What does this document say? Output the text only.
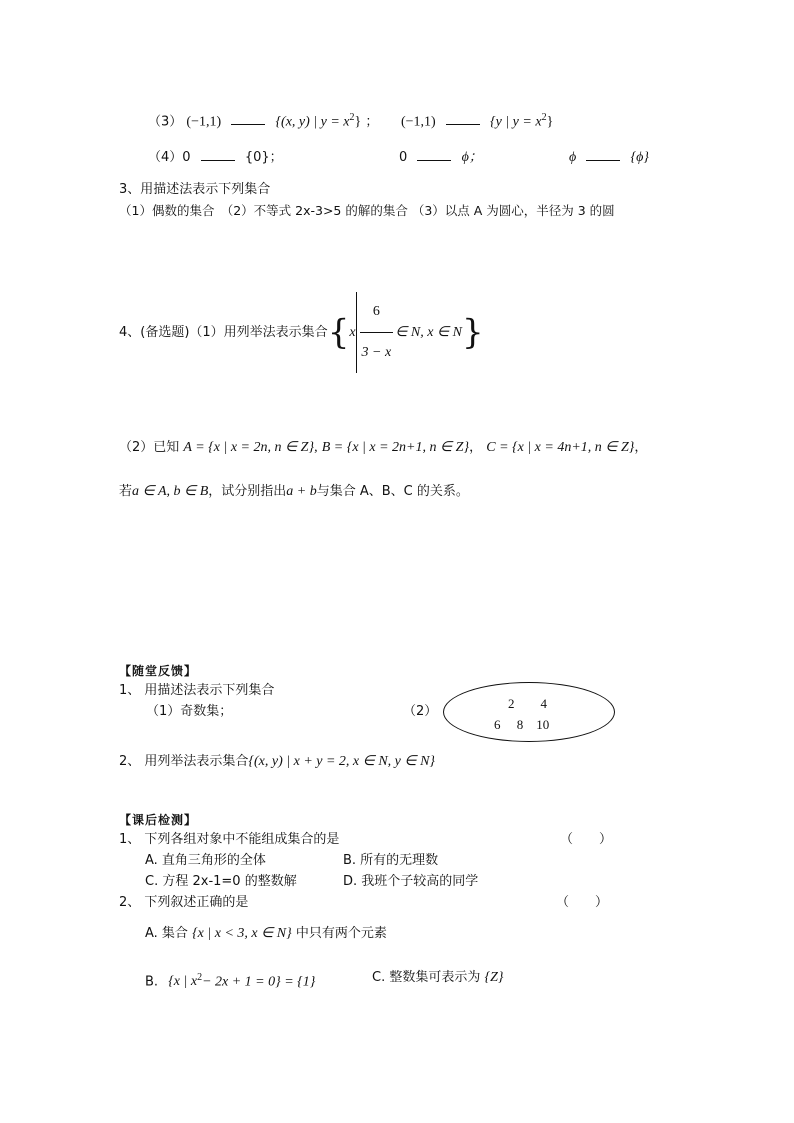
（3） (−1,1)	{(x, y) | $y = x^2$} ； (−1,1)	{y | $y = x^2$}
（4）0	{0}；	0	ϕ；	ϕ	{ϕ}
3、用描述法表示下列集合
（1）偶数的集合　（2）不等式 2x-3>5 的解的集合 （3）以点 A 为圆心，半径为 3 的圆
4、(备选题)（1）用列举法表示集合{$x \frac{6}{3 - x}$ ∈ N, x ∈ N}
（2）已知 A = {x | x = 2n, n ∈ Z}, B = {x | x = 2n+1, n ∈ Z}， C = {x | x = 4n+1, n ∈ Z}，
若a ∈ A, b ∈ B，试分别指出a + b与集合 A、B、C 的关系。
【随堂反馈】
1、 用描述法表示下列集合
（1）奇数集；	（2）
2　　4
6　 8　10
2、 用列举法表示集合{(x, y) | x + y = 2, x ∈ N, y ∈ N}
【课后检测】
1、 下列各组对象中不能组成集合的是	（　　）
A. 直角三角形的全体	B. 所有的无理数
C. 方程 2x-1=0 的整数解	D. 我班个子较高的同学
2、 下列叙述正确的是	（　　）
A. 集合 {x | x < 3, x ∈ N} 中只有两个元素
B. {x | $x^2- 2x + 1 = 0\} = \{1\}$	C. 整数集可表示为 {Z}
